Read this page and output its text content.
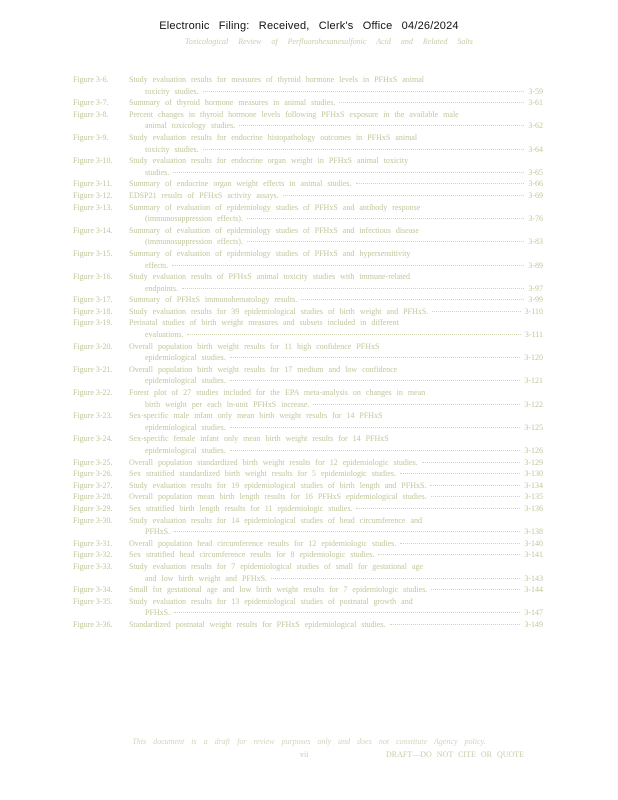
Electronic Filing: Received, Clerk's Office 04/26/2024
Toxicological Review of Perfluorohexanesulfonic Acid and Related Salts
Figure 3-6.	Study evaluation results for measures of thyroid hormone levels in PFHxS animal
toxicity studies.	3-59
Figure 3-7.	Summary of thyroid hormone measures in animal studies.	3-61
Figure 3-8.	Percent changes in thyroid hormone levels following PFHxS exposure in the available male
animal toxicology studies.	3-62
Figure 3-9.	Study evaluation results for endocrine histopathology outcomes in PFHxS animal
toxicity studies.	3-64
Figure 3-10.	Study evaluation results for endocrine organ weight in PFHxS animal toxicity
studies.	3-65
Figure 3-11.	Summary of endocrine organ weight effects in animal studies.	3-66
Figure 3-12.	EDSP21 results of PFHxS activity assays.	3-69
Figure 3-13.	Summary of evaluation of epidemiology studies of PFHxS and antibody response
(immunosuppression effects).	3-76
Figure 3-14.	Summary of evaluation of epidemiology studies of PFHxS and infectious disease
(immunosuppression effects).	3-83
Figure 3-15.	Summary of evaluation of epidemiology studies of PFHxS and hypersensitivity
effects.	3-89
Figure 3-16.	Study evaluation results of PFHxS animal toxicity studies with immune-related
endpoints.	3-97
Figure 3-17.	Summary of PFHxS immunohematology results.	3-99
Figure 3-18.	Study evaluation results for 39 epidemiological studies of birth weight and PFHxS.	3-110
Figure 3-19.	Perinatal studies of birth weight measures and subsets included in different
evaluations.	3-111
Figure 3-20.	Overall population birth weight results for 11 high confidence PFHxS
epidemiological studies.	3-120
Figure 3-21.	Overall population birth weight results for 17 medium and low confidence
epidemiological studies.	3-121
Figure 3-22.	Forest plot of 27 studies included for the EPA meta-analysis on changes in mean
birth weight per each ln-unit PFHxS increase.	3-122
Figure 3-23.	Sex-specific male infant only mean birth weight results for 14 PFHxS
epidemiological studies.	3-125
Figure 3-24.	Sex-specific female infant only mean birth weight results for 14 PFHxS
epidemiological studies.	3-126
Figure 3-25.	Overall population standardized birth weight results for 12 epidemiologic studies.	3-129
Figure 3-26.	Sex stratified standardized birth weight results for 5 epidemiologic studies.	3-130
Figure 3-27.	Study evaluation results for 19 epidemiological studies of birth length and PFHxS.	3-134
Figure 3-28.	Overall population mean birth length results for 16 PFHxS epidemiological studies.	3-135
Figure 3-29.	Sex stratified birth length results for 11 epidemiologic studies.	3-136
Figure 3-30.	Study evaluation results for 14 epidemiological studies of head circumference and
PFHxS.	3-138
Figure 3-31.	Overall population head circumference results for 12 epidemiologic studies.	3-140
Figure 3-32.	Sex stratified head circumference results for 8 epidemiologic studies.	3-141
Figure 3-33.	Study evaluation results for 7 epidemiological studies of small for gestational age
and low birth weight and PFHxS.	3-143
Figure 3-34.	Small for gestational age and low birth weight results for 7 epidemiologic studies.	3-144
Figure 3-35.	Study evaluation results for 13 epidemiological studies of postnatal growth and
PFHxS.	3-147
Figure 3-36.	Standardized postnatal weight results for PFHxS epidemiological studies.	3-149
This document is a draft for review purposes only and does not constitute Agency policy.
vii	DRAFT—DO NOT CITE OR QUOTE
